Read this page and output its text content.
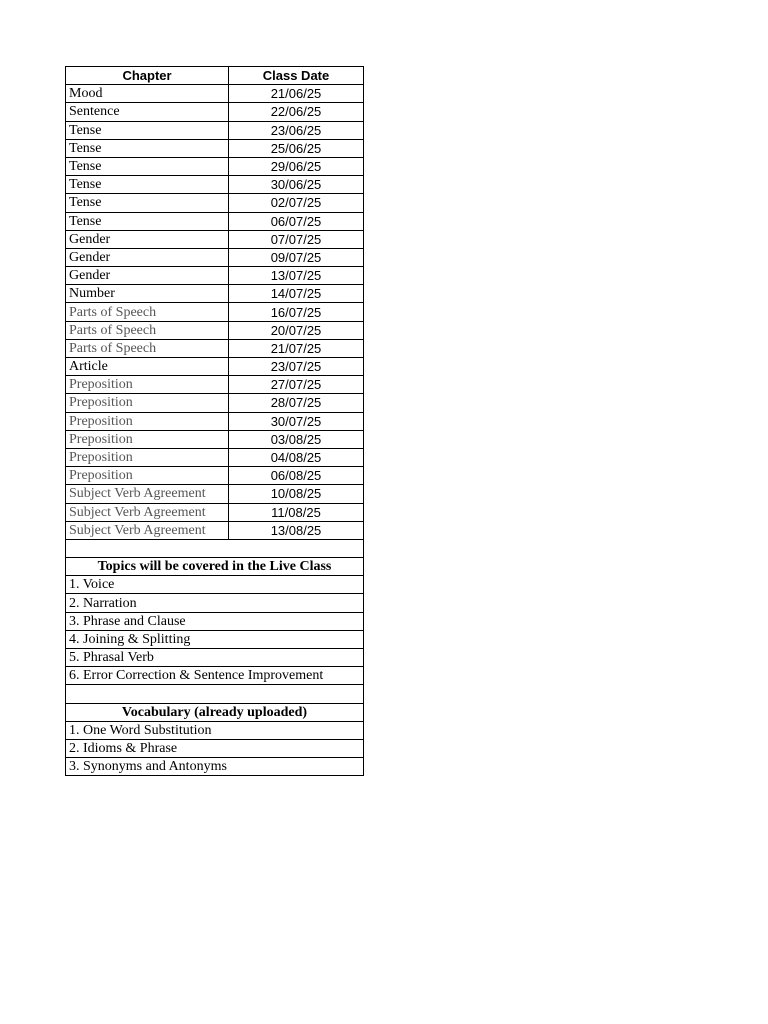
Chapter	Class Date
Mood	21/06/25
Sentence	22/06/25
Tense	23/06/25
Tense	25/06/25
Tense	29/06/25
Tense	30/06/25
Tense	02/07/25
Tense	06/07/25
Gender	07/07/25
Gender	09/07/25
Gender	13/07/25
Number	14/07/25
Parts of Speech	16/07/25
Parts of Speech	20/07/25
Parts of Speech	21/07/25
Article	23/07/25
Preposition	27/07/25
Preposition	28/07/25
Preposition	30/07/25
Preposition	03/08/25
Preposition	04/08/25
Preposition	06/08/25
Subject Verb Agreement	10/08/25
Subject Verb Agreement	11/08/25
Subject Verb Agreement	13/08/25

Topics will be covered in the Live Class	
1. Voice	
2. Narration	
3. Phrase and Clause	
4. Joining & Splitting	
5. Phrasal Verb	
6. Error Correction & Sentence Improvement	

Vocabulary (already uploaded)	
1. One Word Substitution	
2. Idioms & Phrase	
3. Synonyms and Antonyms	
